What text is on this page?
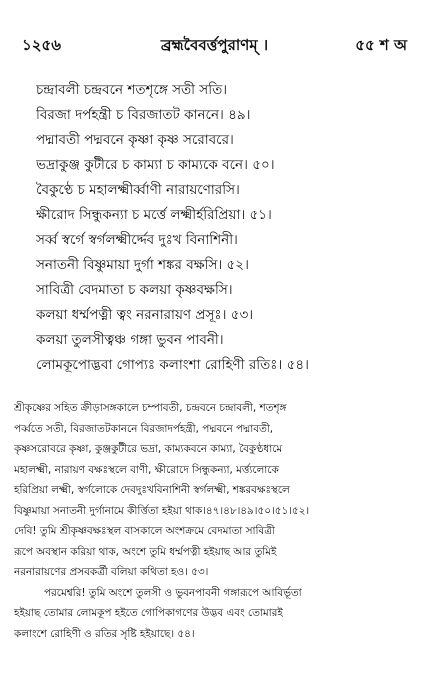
১২৫৬	ব্রহ্মবৈবর্ত্তপুরাণম্‌ ।	৫৫ শ অ
চন্দ্রাবলী চন্দ্রবনে শতশৃঙ্গে সতী সতি।
বিরজা দর্পহন্ত্রী চ বিরজাতট কাননে। ৪৯।
পদ্মাবতী পদ্মবনে কৃষ্ণা কৃষ্ণ সরোবরে।
ভদ্রাকুঞ্জ কুটীরে চ কাম্যা চ কাম্যকে বনে। ৫০।
বৈকুণ্ঠে চ মহালক্ষ্মীর্ব্বাণী নারায়ণোরসি।
ক্ষীরোদ সিন্ধুকন্যা চ মর্ত্তে লক্ষ্মীর্হরিপ্রিয়া। ৫১।
সর্ব্ব স্বর্গে স্বর্গলক্ষ্মীর্দ্দেব দুঃখ বিনাশিনী।
সনাতনী বিষ্ণুমায়া দুর্গা শঙ্কর বক্ষসি। ৫২।
সাবিত্রী বেদমাতা চ কলয়া কৃষ্ণবক্ষসি।
কলয়া ধর্ম্মপত্নী ত্বং নরনারায়ণ প্রসূঃ। ৫৩।
কলয়া তুলসীত্বঞ্চ গঙ্গা ভুবন পাবনী।
লোমকূপোদ্ভবা গোপ্যঃ কলাংশা রোহিণী রতিঃ। ৫৪।
শ্রীকৃষ্ণের সহিত ক্রীড়াসঙ্গকালে চম্পাবতী, চন্দ্রবনে চন্দ্রাবলী, শতশৃঙ্গ
পর্ব্বতে সতী, বিরজাতটকাননে বিরজাদর্পহন্ত্রী, পদ্মবনে পদ্মাবতী,
কৃষ্ণসরোবরে কৃষ্ণা, কুঞ্জকুটীরে ভদ্রা, কাম্যকবনে কাম্যা, বৈকুণ্ঠধামে
মহালক্ষ্মী, নারায়ণ বক্ষঃস্থলে বাণী, ক্ষীরোদে সিন্ধুকন্যা, মর্ত্ত্যলোকে
হরিপ্রিয়া লক্ষ্মী, স্বর্গলোকে দেবদুঃখবিনাশিনী স্বর্গলক্ষ্মী, শঙ্করবক্ষঃস্থলে
বিষ্ণুমায়া সনাতনী দুর্গানামে কীর্ত্তিতা হইয়া থাক।৪৭।৪৮।৪৯।৫০।৫১।৫২।
দেবি! তুমি শ্রীকৃষ্ণবক্ষঃস্থল বাসকালে অংশক্রমে বেদমাতা সাবিত্রী
রূপে অবস্থান করিয়া থাক, অংশে তুমি ধর্ম্মপত্নী হইয়াছ আর তুমিই
নরনারায়ণের প্রসবকর্ত্রী বলিয়া কথিতা হও। ৫৩।
পরমেশ্বরি! তুমি অংশে তুলসী ও ভুবনপাবনী গঙ্গারূপে আবির্ভূতা
হইয়াছ তোমার লোমকূপ হইতে গোপিকাগণের উদ্ভব এবং তোমারই
কলাংশে রোহিণী ও রতির সৃষ্টি হইয়াছে। ৫৪।
